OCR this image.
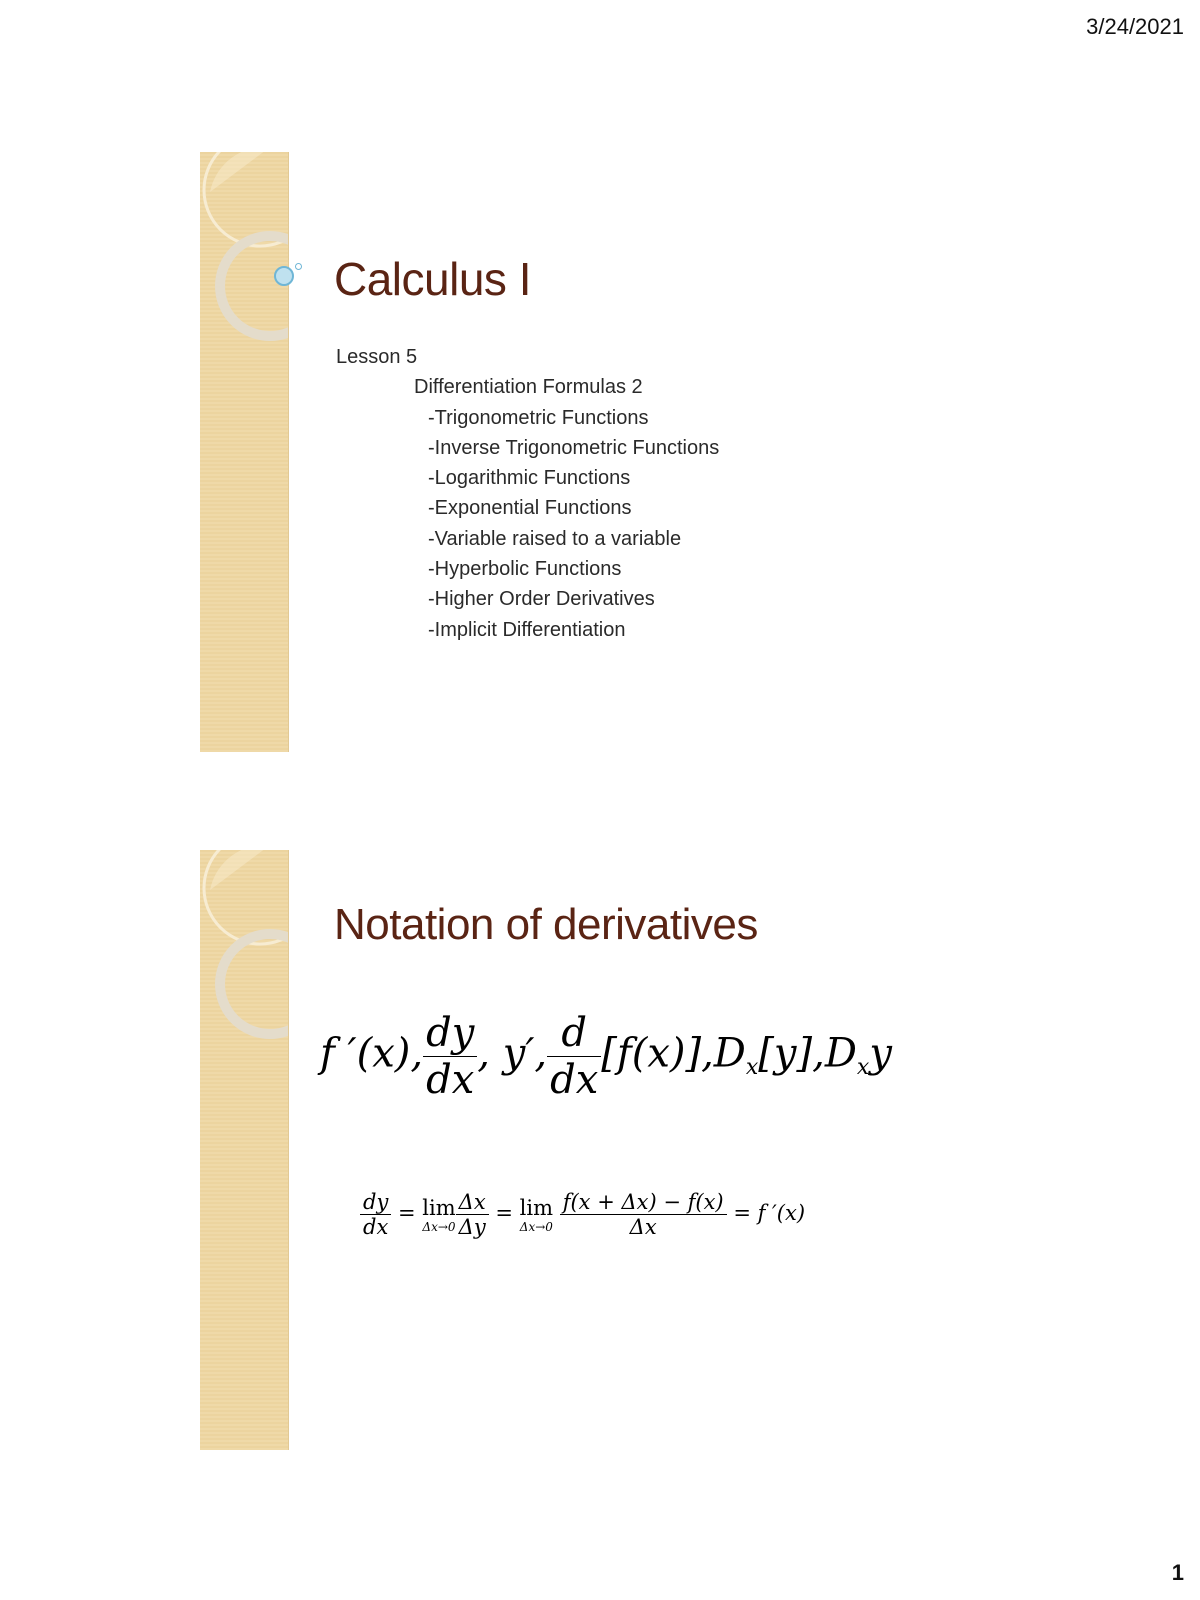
3/24/2021
Calculus I
Lesson 5
Differentiation Formulas 2
-Trigonometric Functions
-Inverse Trigonometric Functions
-Logarithmic Functions
-Exponential Functions
-Variable raised to a variable
-Hyperbolic Functions
-Higher Order Derivatives
-Implicit Differentiation
Notation of derivatives
f ′(x), $\frac{dy}{dx}$ , y′, $\frac{d}{dx} [f(x)],Dx[y],Dxy$
$\frac{dy}{dx} = \lim$
$\Delta x\to 0 \frac{\Delta x}{\Delta y} = \lim$
Δx→0
$\frac{f(x + \Delta x) - f(x)}{\Delta x} = f$ ′(x)
1
